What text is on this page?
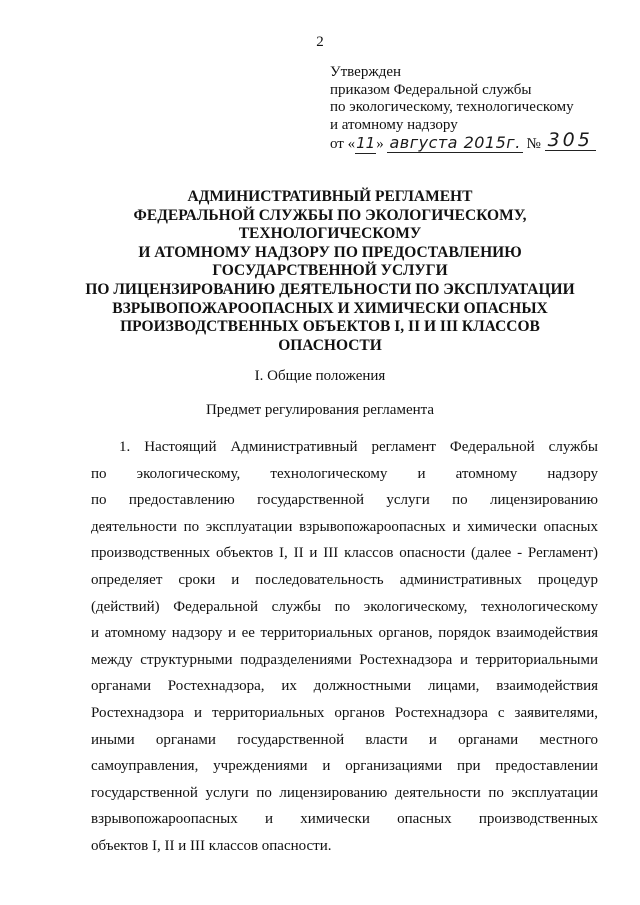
2
Утвержден
приказом Федеральной службы
по экологическому, технологическому
и атомному надзору
от «11» августа 2015г. № 305
АДМИНИСТРАТИВНЫЙ РЕГЛАМЕНТ
ФЕДЕРАЛЬНОЙ СЛУЖБЫ ПО ЭКОЛОГИЧЕСКОМУ,
ТЕХНОЛОГИЧЕСКОМУ
И АТОМНОМУ НАДЗОРУ ПО ПРЕДОСТАВЛЕНИЮ
ГОСУДАРСТВЕННОЙ УСЛУГИ
ПО ЛИЦЕНЗИРОВАНИЮ ДЕЯТЕЛЬНОСТИ ПО ЭКСПЛУАТАЦИИ
ВЗРЫВОПОЖАРООПАСНЫХ И ХИМИЧЕСКИ ОПАСНЫХ
ПРОИЗВОДСТВЕННЫХ ОБЪЕКТОВ I, II И III КЛАССОВ
ОПАСНОСТИ
I. Общие положения
Предмет регулирования регламента
1. Настоящий Административный регламент Федеральной службы
по экологическому, технологическому и атомному надзору
по предоставлению государственной услуги по лицензированию
деятельности по эксплуатации взрывопожароопасных и химически опасных
производственных объектов I, II и III классов опасности (далее - Регламент)
определяет сроки и последовательность административных процедур
(действий) Федеральной службы по экологическому, технологическому
и атомному надзору и ее территориальных органов, порядок взаимодействия
между структурными подразделениями Ростехнадзора и территориальными
органами Ростехнадзора, их должностными лицами, взаимодействия
Ростехнадзора и территориальных органов Ростехнадзора с заявителями,
иными органами государственной власти и органами местного
самоуправления, учреждениями и организациями при предоставлении
государственной услуги по лицензированию деятельности по эксплуатации
взрывопожароопасных и химически опасных производственных
объектов I, II и III классов опасности.
